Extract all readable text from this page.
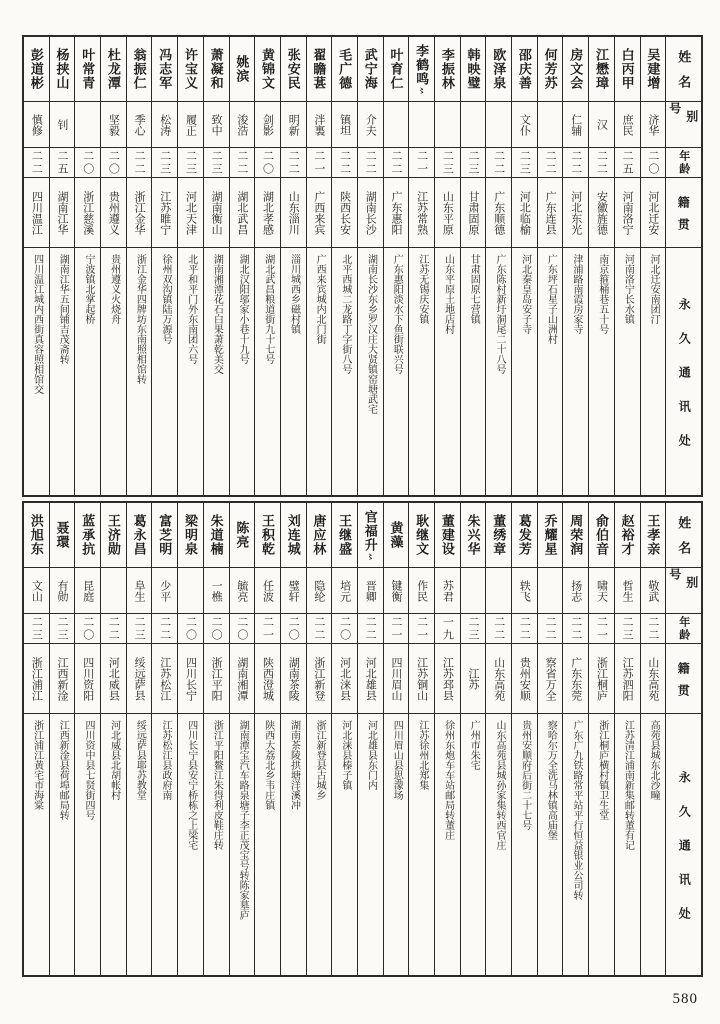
彭道彬
慎修
二二
四川温江
四川温江城内西街真容照相馆交
杨挟山
钊
二五
湖南江华
湖南江华五间铺吉茂斋转
叶常青
二〇
浙江慈溪
宁波镇北掌起桥
杜龙潭
坚毅
二〇
贵州遵义
贵州遵义火烧舟
翁振仁
季心
二二
浙江金华
浙江金华四牌坊东南照相馆转
冯志军
松涛
二三
江苏睢宁
徐州双沟镇陆万源号
许宝义
履正
二三
河北天津
北平和平门外东南团六号
萧凝和
致中
二三
湖南衡山
湖南湘潭花石白果萧乾美交
姚滨
浚浩
二二
湖北武昌
湖北汉阳邬家小巷十九号
黄锦文
剑影
二〇
湖北孝感
湖北武昌粮道街九十七号
张安民
明新
二二
山东淄川
淄川城西乡磁村镇
翟瞻葚
泮裏
二一
广西来宾
广西来宾城内北门街
毛广德
镇坦
二二
陕西长安
北平西城二龙路丁字街八号
武宁海
介夫
二二
湖南长沙
湖南长沙东乡罗汉庄大贤镇窑塘武宅
叶育仁
二二
广东惠阳
广东惠阳淡水下鱼街联兴号
李鹤鸣
〻
二一
江苏常熟
江苏无锡庆安镇
李振林
二三
山东平原
山东平原土地店村
韩映璧
二三
甘肃固原
甘肃固原七营镇
欧泽泉
二二
广东顺德
广东陈村新圩洞尾二十八号
邵庆善
文仆
二三
河北临榆
河北秦皇岛安子寺
何芳苏
二二
广东连县
广东坪石星子山洲村
房文会
仁辅
二二
河北东光
津浦路南霞房家寺
江懋璋
汉
二二
安徽旌德
南京箍桶巷五十号
白丙甲
庶民
二五
河南洛宁
河南洛宁长水镇
吴建增
济华
二〇
河北迁安
河北迁安南团汀
姓名
别号
年龄
籍贯
永久通讯处
洪旭东
文山
二三
浙江浦江
浙江浦江黄宅市海棠
聂環
有勋
二三
江西新淦
江西新淦县荷埠邮局转
蓝承抗
昆庭
二〇
四川资阳
四川资中县七贤街四号
王济勋
二二
河北威县
河北威县北胡帐村
葛永昌
阜生
二三
绥远萨县
绥远萨县耶苏教堂
富芝明
少平
二二
江苏松江
江苏松江县政府南
梁明泉
二〇
四川长宁
四川长宁县安宁桥栋之上梁宅
朱道楠
一樵
二〇
浙江平阳
浙江平阳鳌江朱得利皮鞋庄转
陈亮
毓亮
二〇
湖南湘潭
湖南潭宝汽车路泉塘子李正茂宝号转陈家墓庐
王积乾
任波
二一
陕西澄城
陕西大荔北乡韦庄镇
刘连城
璧轩
二〇
湖南茶陵
湖南茶陵拱塘洋溪冲
唐应林
隐纶
二二
浙江新登
浙江新登县古城乡
王继盛
培元
二〇
河北涞县
河北涞县榛子镇
官福升
〻
晋卿
二二
河北雄县
河北雄县东门内
黄藻
键衡
二一
四川眉山
四川眉山县思濛场
耿继文
作民
二一
江苏铜山
江苏徐州北郑集
董建设
苏君
一九
江苏邳县
徐州东炮车车站邮局转董庄
朱兴华
二三
江苏
广州市朱宅
董绣章
二二
山东高苑
山东高苑县城孙家集转西官庄
葛发芳
轶飞
二二
贵州安顺
贵州安顺府后街二十七号
乔耀星
二二
察省万全
察哈尔万全洗马林镇高庙堡
周荣润
扬志
二二
广东东莞
广东广九铁路常平站平行恒益银业公司转
俞伯音
啸天
二一
浙江桐庐
浙江桐庐横村镇卫生堂
赵裕才
哲生
二三
江苏泗阳
江苏清江浦南新集邮转董有记
王孝亲
敬武
二二
山东高苑
高苑县城东北沙疃
姓名
别号
年龄
籍贯
永久通讯处
580
